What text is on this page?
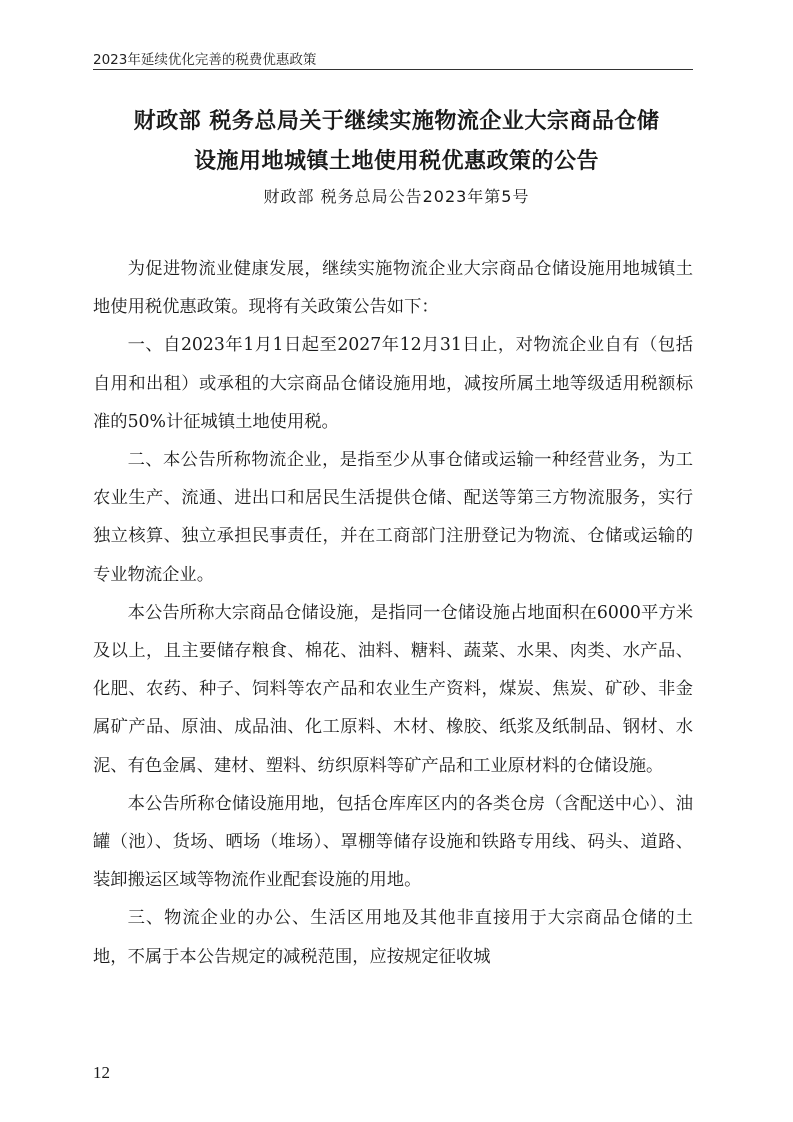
2023年延续优化完善的税费优惠政策
财政部 税务总局关于继续实施物流企业大宗商品仓储
设施用地城镇土地使用税优惠政策的公告
财政部 税务总局公告2023年第5号

为促进物流业健康发展，继续实施物流企业大宗商品仓储设施用地城镇土地使用税优惠政策。现将有关政策公告如下：

一、自2023年1月1日起至2027年12月31日止，对物流企业自有（包括自用和出租）或承租的大宗商品仓储设施用地，减按所属土地等级适用税额标准的50%计征城镇土地使用税。

二、本公告所称物流企业，是指至少从事仓储或运输一种经营业务，为工农业生产、流通、进出口和居民生活提供仓储、配送等第三方物流服务，实行独立核算、独立承担民事责任，并在工商部门注册登记为物流、仓储或运输的专业物流企业。

本公告所称大宗商品仓储设施，是指同一仓储设施占地面积在6000平方米及以上，且主要储存粮食、棉花、油料、糖料、蔬菜、水果、肉类、水产品、化肥、农药、种子、饲料等农产品和农业生产资料，煤炭、焦炭、矿砂、非金属矿产品、原油、成品油、化工原料、木材、橡胶、纸浆及纸制品、钢材、水泥、有色金属、建材、塑料、纺织原料等矿产品和工业原材料的仓储设施。

本公告所称仓储设施用地，包括仓库库区内的各类仓房（含配送中心）、油罐（池）、货场、晒场（堆场）、罩棚等储存设施和铁路专用线、码头、道路、装卸搬运区域等物流作业配套设施的用地。

三、物流企业的办公、生活区用地及其他非直接用于大宗商品仓储的土地，不属于本公告规定的减税范围，应按规定征收城

12
